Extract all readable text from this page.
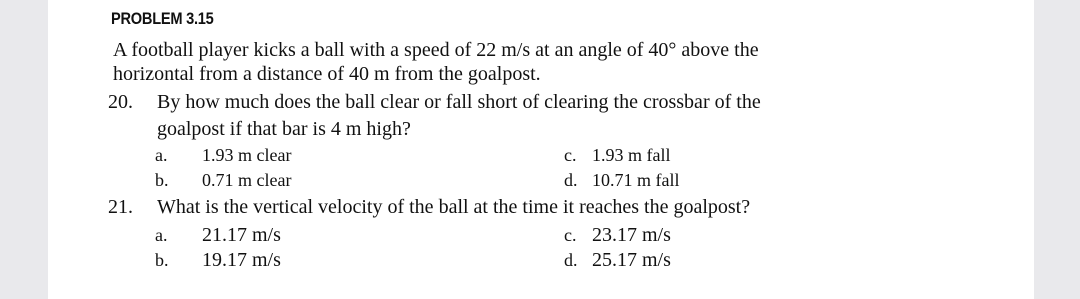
PROBLEM 3.15
A football player kicks a ball with a speed of 22 m/s at an angle of 40° above the
horizontal from a distance of 40 m from the goalpost.
20. By how much does the ball clear or fall short of clearing the crossbar of the
goalpost if that bar is 4 m high?
a. 1.93 m clear
b. 0.71 m clear
c. 1.93 m fall
d. 10.71 m fall
21. What is the vertical velocity of the ball at the time it reaches the goalpost?
a. 21.17 m/s
b. 19.17 m/s
c. 23.17 m/s
d. 25.17 m/s
